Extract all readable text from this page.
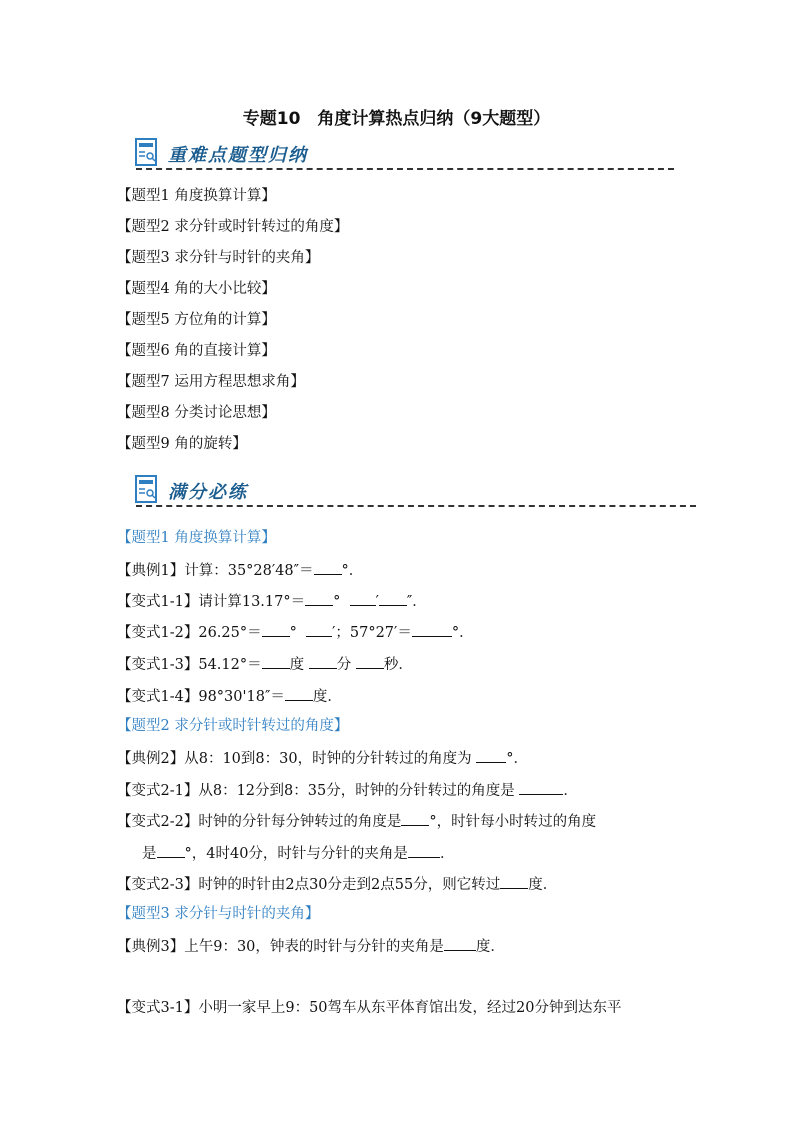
专题10　角度计算热点归纳（9大题型）
重难点题型归纳
【题型1 角度换算计算】
【题型2 求分针或时针转过的角度】
【题型3 求分针与时针的夹角】
【题型4 角的大小比较】
【题型5 方位角的计算】
【题型6 角的直接计算】
【题型7 运用方程思想求角】
【题型8 分类讨论思想】
【题型9 角的旋转】
满分必练
【题型1 角度换算计算】
【典例1】计算：35°28′48″＝ °．
【变式1-1】请计算13.17°＝ ° ′ ″．
【变式1-2】26.25°＝ ° ′；57°27′＝	°．
【变式1-3】54.12°＝ 度 分 秒．
【变式1-4】98°30'18″＝ 度．
【题型2 求分针或时针转过的角度】
【典例2】从8：10到8：30，时钟的分针转过的角度为 °．
【变式2-1】从8：12分到8：35分，时钟的分针转过的角度是	．
【变式2-2】时钟的分针每分钟转过的角度是 °，时针每小时转过的角度
是 °，4时40分，时针与分针的夹角是 ．
【变式2-3】时钟的时针由2点30分走到2点55分，则它转过 度．
【题型3 求分针与时针的夹角】
【典例3】上午9：30，钟表的时针与分针的夹角是 度．
【变式3-1】小明一家早上9：50驾车从东平体育馆出发，经过20分钟到达东平
